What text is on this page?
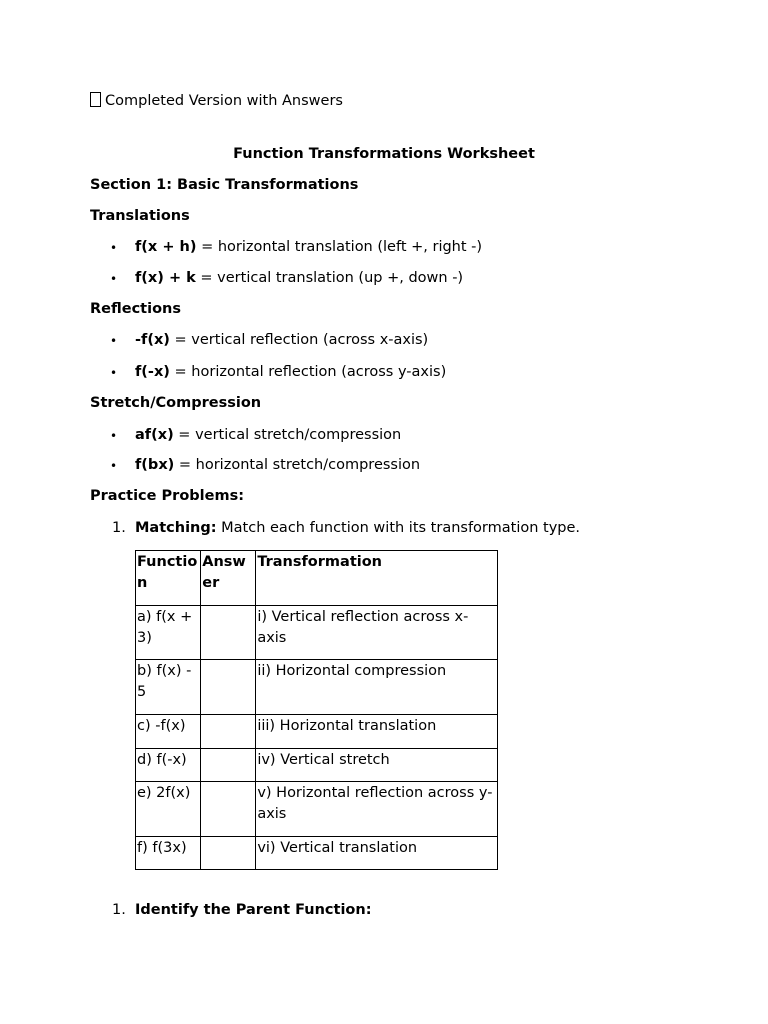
Completed Version with Answers
Function Transformations Worksheet
Section 1: Basic Transformations
Translations
• f(x + h) = horizontal translation (left +, right -)
• f(x) + k = vertical translation (up +, down -)
Reflections
• -f(x) = vertical reflection (across x-axis)
• f(-x) = horizontal reflection (across y-axis)
Stretch/Compression
• af(x) = vertical stretch/compression
• f(bx) = horizontal stretch/compression
Practice Problems:
1. Matching: Match each function with its transformation type.
Function	Answer	Transformation
a) f(x + 3)		i) Vertical reflection across x-axis
b) f(x) - 5		ii) Horizontal compression
c) -f(x)		iii) Horizontal translation
d) f(-x)		iv) Vertical stretch
e) 2f(x)		v) Horizontal reflection across y-axis
f) f(3x)		vi) Vertical translation
1. Identify the Parent Function:
